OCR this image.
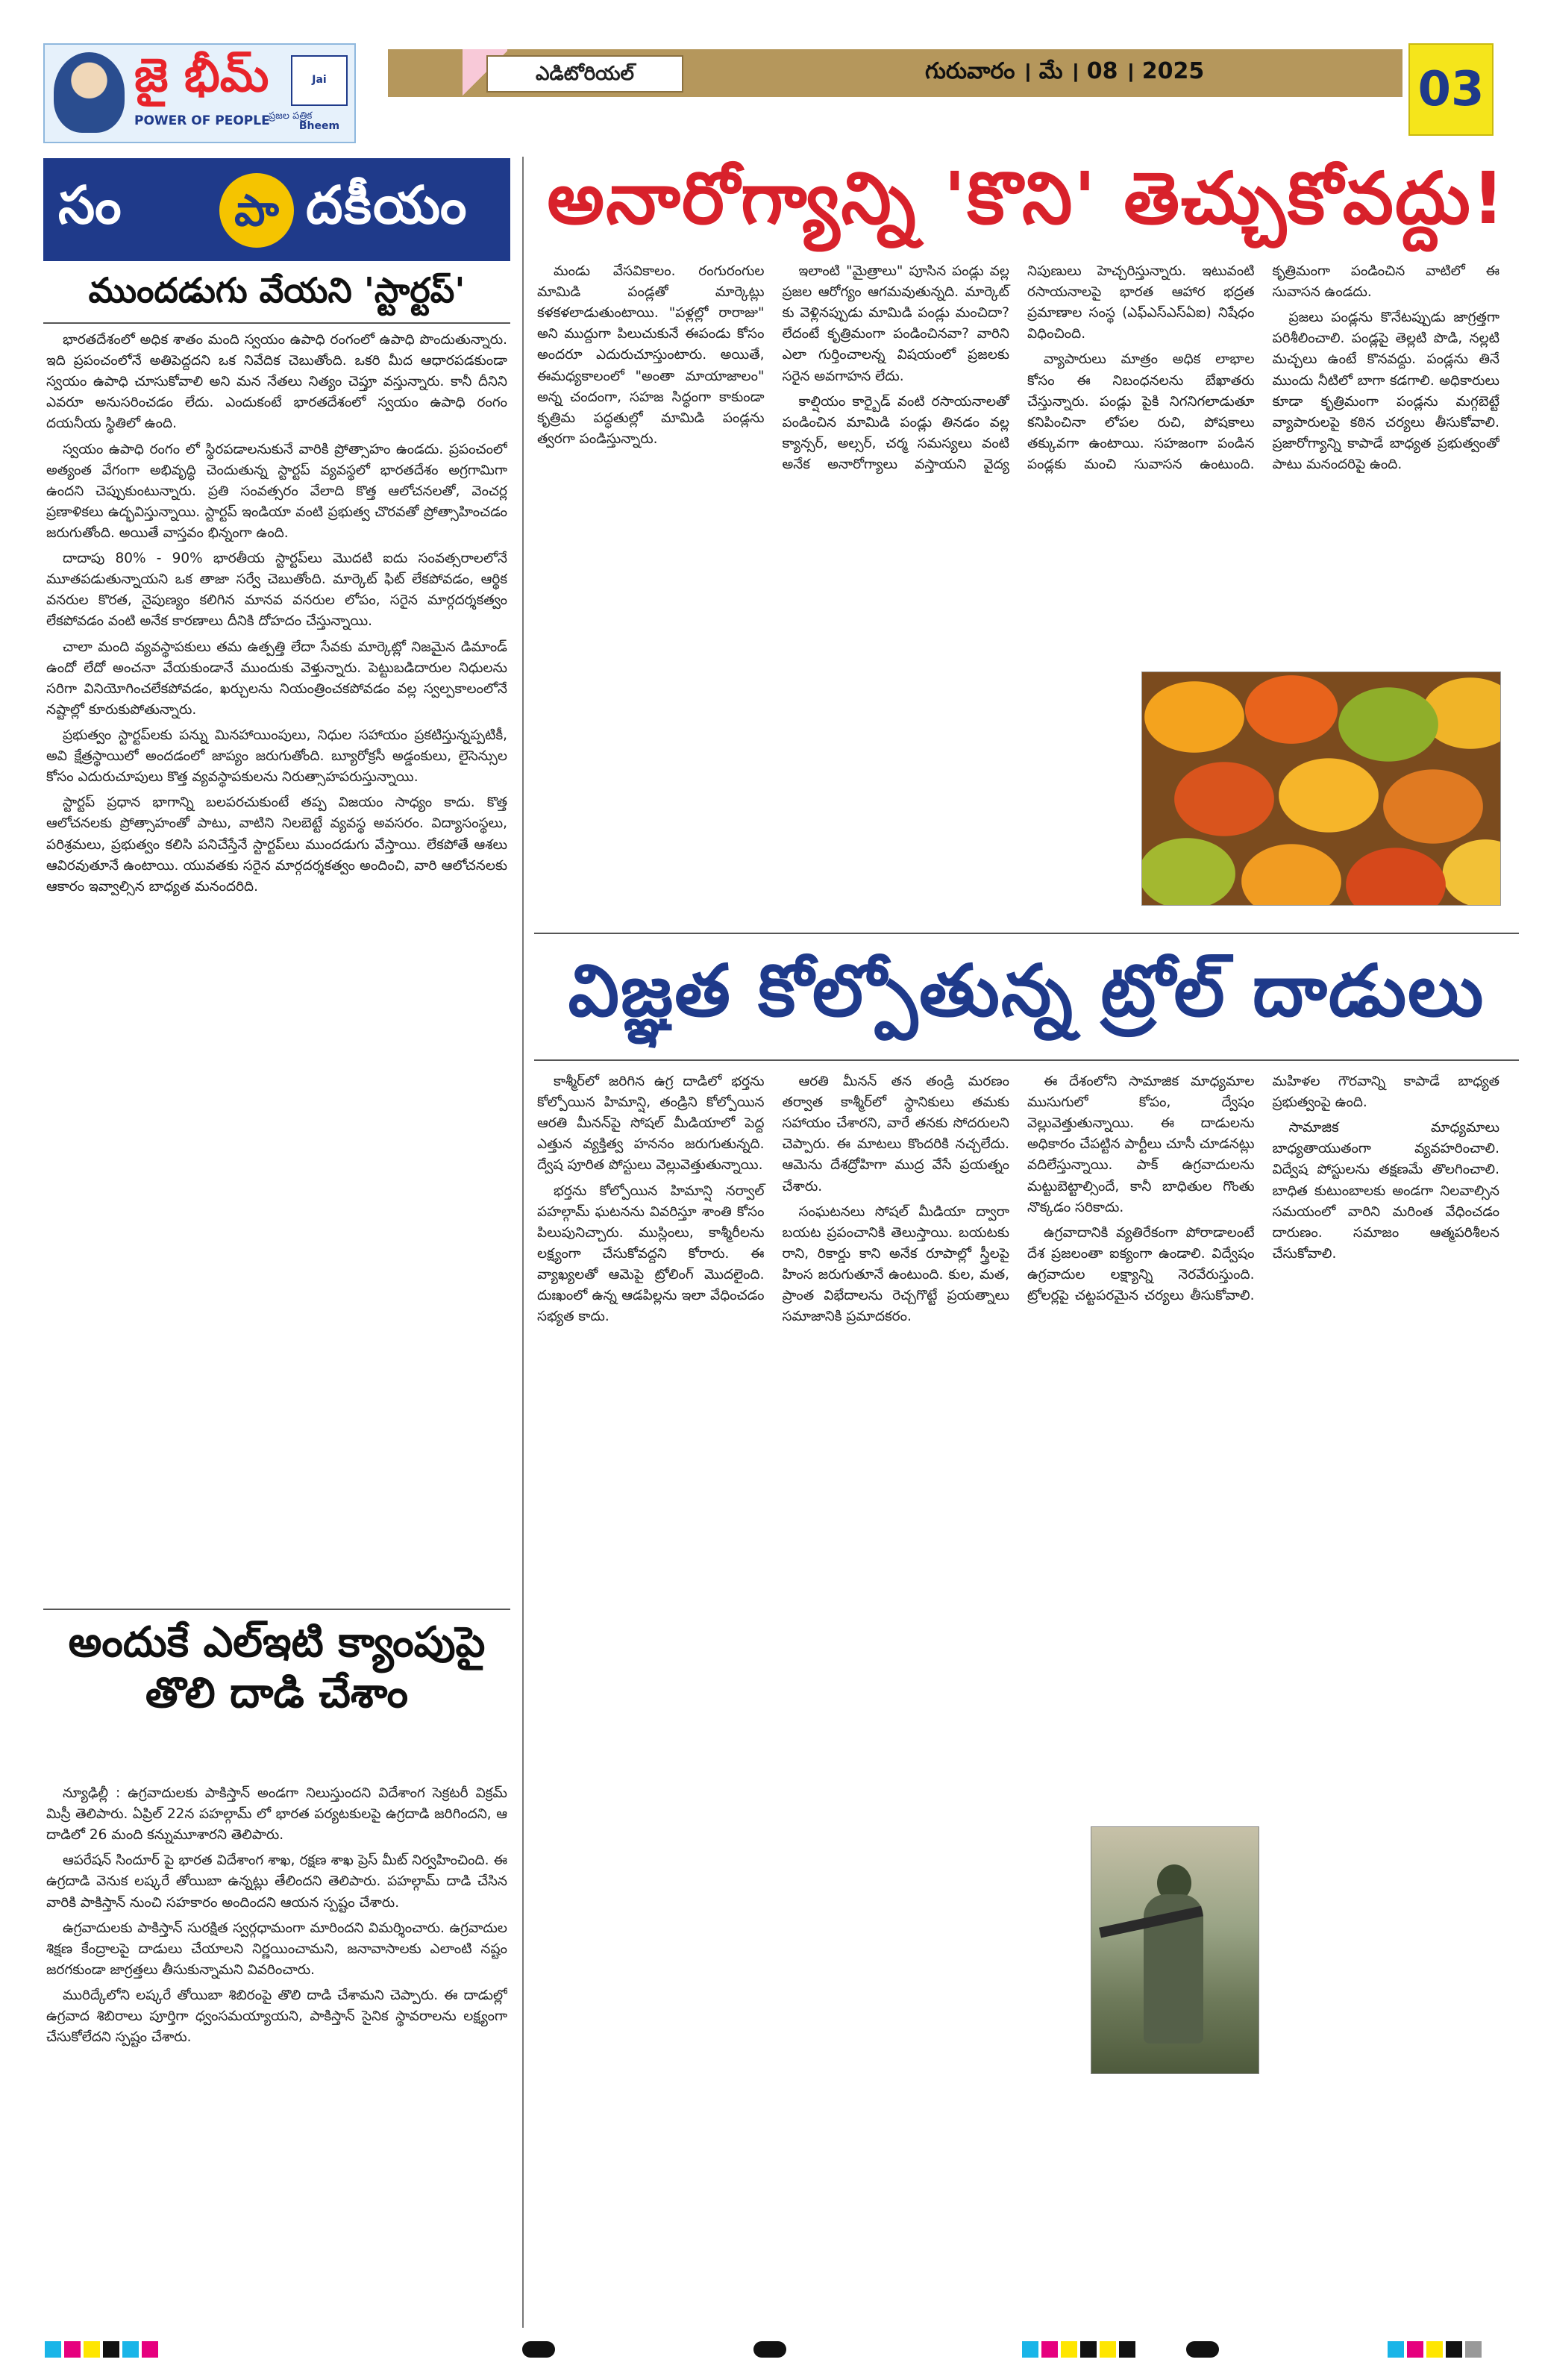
జై భీమ్
POWER OF PEOPLE
Jai Bheem
ప్రజల పత్రిక
ఎడిటోరియల్	గురువారం । మే । 08 । 2025	03
సం	పా దకీయం
ముందడుగు వేయని 'స్టార్టప్'

భారతదేశంలో అధిక శాతం మంది స్వయం ఉపాధి రంగంలో ఉపాధి పొందుతున్నారు. ఇది ప్రపంచంలోనే అతిపెద్దదని ఒక నివేదిక చెబుతోంది. ఒకరి మీద ఆధారపడకుండా స్వయం ఉపాధి చూసుకోవాలి అని మన నేతలు నిత్యం చెప్తూ వస్తున్నారు. కానీ దీనిని ఎవరూ అనుసరించడం లేదు. ఎందుకంటే భారతదేశంలో స్వయం ఉపాధి రంగం దయనీయ స్థితిలో ఉంది.

స్వయం ఉపాధి రంగం లో స్థిరపడాలనుకునే వారికి ప్రోత్సాహం ఉండదు. ప్రపంచంలో అత్యంత వేగంగా అభివృద్ధి చెందుతున్న స్టార్టప్ వ్యవస్థలో భారతదేశం అగ్రగామిగా ఉందని చెప్పుకుంటున్నారు. ప్రతి సంవత్సరం వేలాది కొత్త ఆలోచనలతో, వెంచర్ల ప్రణాళికలు ఉద్భవిస్తున్నాయి. స్టార్టప్ ఇండియా వంటి ప్రభుత్వ చొరవతో ప్రోత్సాహించడం జరుగుతోంది. అయితే వాస్తవం భిన్నంగా ఉంది.

దాదాపు 80% - 90% భారతీయ స్టార్టప్‌లు మొదటి ఐదు సంవత్సరాలలోనే మూతపడుతున్నాయని ఒక తాజా సర్వే చెబుతోంది. మార్కెట్ ఫిట్ లేకపోవడం, ఆర్థిక వనరుల కొరత, నైపుణ్యం కలిగిన మానవ వనరుల లోపం, సరైన మార్గదర్శకత్వం లేకపోవడం వంటి అనేక కారణాలు దీనికి దోహదం చేస్తున్నాయి.

చాలా మంది వ్యవస్థాపకులు తమ ఉత్పత్తి లేదా సేవకు మార్కెట్లో నిజమైన డిమాండ్ ఉందో లేదో అంచనా వేయకుండానే ముందుకు వెళ్తున్నారు. పెట్టుబడిదారుల నిధులను సరిగా వినియోగించలేకపోవడం, ఖర్చులను నియంత్రించకపోవడం వల్ల స్వల్పకాలంలోనే నష్టాల్లో కూరుకుపోతున్నారు.

ప్రభుత్వం స్టార్టప్‌లకు పన్ను మినహాయింపులు, నిధుల సహాయం ప్రకటిస్తున్నప్పటికీ, అవి క్షేత్రస్థాయిలో అందడంలో జాప్యం జరుగుతోంది. బ్యూరోక్రసీ అడ్డంకులు, లైసెన్సుల కోసం ఎదురుచూపులు కొత్త వ్యవస్థాపకులను నిరుత్సాహపరుస్తున్నాయి.

స్టార్టప్ ప్రధాన భాగాన్ని బలపరచుకుంటే తప్ప విజయం సాధ్యం కాదు. కొత్త ఆలోచనలకు ప్రోత్సాహంతో పాటు, వాటిని నిలబెట్టే వ్యవస్థ అవసరం. విద్యాసంస్థలు, పరిశ్రమలు, ప్రభుత్వం కలిసి పనిచేస్తేనే స్టార్టప్‌లు ముందడుగు వేస్తాయి. లేకపోతే ఆశలు ఆవిరవుతూనే ఉంటాయి. యువతకు సరైన మార్గదర్శకత్వం అందించి, వారి ఆలోచనలకు ఆకారం ఇవ్వాల్సిన బాధ్యత మనందరిది.

అందుకే ఎల్ఇటి క్యాంపుపై తొలి దాడి చేశాం

న్యూఢిల్లీ : ఉగ్రవాదులకు పాకిస్తాన్ అండగా నిలుస్తుందని విదేశాంగ సెక్రటరీ విక్రమ్ మిస్రీ తెలిపారు. ఏప్రిల్ 22న పహల్గామ్ లో భారత పర్యటకులపై ఉగ్రదాడి జరిగిందని, ఆ దాడిలో 26 మంది కన్నుమూశారని తెలిపారు.

ఆపరేషన్ సిందూర్ పై భారత విదేశాంగ శాఖ, రక్షణ శాఖ ప్రెస్ మీట్ నిర్వహించింది. ఈ ఉగ్రదాడి వెనుక లష్కరే తోయిబా ఉన్నట్లు తేలిందని తెలిపారు. పహల్గామ్ దాడి చేసిన వారికి పాకిస్తాన్ నుంచి సహకారం అందిందని ఆయన స్పష్టం చేశారు.

ఉగ్రవాదులకు పాకిస్తాన్ సురక్షిత స్వర్గధామంగా మారిందని విమర్శించారు. ఉగ్రవాదుల శిక్షణ కేంద్రాలపై దాడులు చేయాలని నిర్ణయించామని, జనావాసాలకు ఎలాంటి నష్టం జరగకుండా జాగ్రత్తలు తీసుకున్నామని వివరించారు.

మురిద్కేలోని లష్కరే తోయిబా శిబిరంపై తొలి దాడి చేశామని చెప్పారు. ఈ దాడుల్లో ఉగ్రవాద శిబిరాలు పూర్తిగా ధ్వంసమయ్యాయని, పాకిస్తాన్ సైనిక స్థావరాలను లక్ష్యంగా చేసుకోలేదని స్పష్టం చేశారు.

అనారోగ్యాన్ని 'కొని' తెచ్చుకోవద్దు!

మండు వేసవికాలం. రంగురంగుల మామిడి పండ్లతో మార్కెట్లు కళకళలాడుతుంటాయి. "పళ్లల్లో రారాజు" అని ముద్దుగా పిలుచుకునే ఈపండు కోసం అందరూ ఎదురుచూస్తుంటారు. అయితే, ఈమధ్యకాలంలో "అంతా మాయాజాలం" అన్న చందంగా, సహజ సిద్ధంగా కాకుండా కృత్రిమ పద్ధతుల్లో మామిడి పండ్లను త్వరగా పండిస్తున్నారు.

ఇలాంటి "మైత్రాలు" పూసిన పండ్లు వల్ల ప్రజల ఆరోగ్యం ఆగమవుతున్నది. మార్కెట్ కు వెళ్లినప్పుడు మామిడి పండ్లు మంచిదా? లేదంటే కృత్రిమంగా పండించినవా? వారిని ఎలా గుర్తించాలన్న విషయంలో ప్రజలకు సరైన అవగాహన లేదు.

కాల్షియం కార్బైడ్ వంటి రసాయనాలతో పండించిన మామిడి పండ్లు తినడం వల్ల క్యాన్సర్, అల్సర్, చర్మ సమస్యలు వంటి అనేక అనారోగ్యాలు వస్తాయని వైద్య నిపుణులు హెచ్చరిస్తున్నారు. ఇటువంటి రసాయనాలపై భారత ఆహార భద్రత ప్రమాణాల సంస్థ (ఎఫ్ఎస్ఎస్ఏఐ) నిషేధం విధించింది.

వ్యాపారులు మాత్రం అధిక లాభాల కోసం ఈ నిబంధనలను బేఖాతరు చేస్తున్నారు. పండ్లు పైకి నిగనిగలాడుతూ కనిపించినా లోపల రుచి, పోషకాలు తక్కువగా ఉంటాయి. సహజంగా పండిన పండ్లకు మంచి సువాసన ఉంటుంది. కృత్రిమంగా పండించిన వాటిలో ఈ సువాసన ఉండదు.

ప్రజలు పండ్లను కొనేటప్పుడు జాగ్రత్తగా పరిశీలించాలి. పండ్లపై తెల్లటి పొడి, నల్లటి మచ్చలు ఉంటే కొనవద్దు. పండ్లను తినే ముందు నీటిలో బాగా కడగాలి. అధికారులు కూడా కృత్రిమంగా పండ్లను మగ్గబెట్టే వ్యాపారులపై కఠిన చర్యలు తీసుకోవాలి. ప్రజారోగ్యాన్ని కాపాడే బాధ్యత ప్రభుత్వంతో పాటు మనందరిపై ఉంది.

విజ్ఞత కోల్పోతున్న ట్రోల్ దాడులు

కాశ్మీర్‌లో జరిగిన ఉగ్ర దాడిలో భర్తను కోల్పోయిన హిమాన్షి, తండ్రిని కోల్పోయిన ఆరతి మీనన్‌పై సోషల్ మీడియాలో పెద్ద ఎత్తున వ్యక్తిత్వ హననం జరుగుతున్నది. ద్వేష పూరిత పోస్టులు వెల్లువెత్తుతున్నాయి.

భర్తను కోల్పోయిన హిమాన్షి నర్వాల్ పహల్గామ్ ఘటనను వివరిస్తూ శాంతి కోసం పిలుపునిచ్చారు. ముస్లింలు, కాశ్మీరీలను లక్ష్యంగా చేసుకోవద్దని కోరారు. ఈ వ్యాఖ్యలతో ఆమెపై ట్రోలింగ్ మొదలైంది. దుఃఖంలో ఉన్న ఆడపిల్లను ఇలా వేధించడం సభ్యత కాదు.

ఆరతి మీనన్ తన తండ్రి మరణం తర్వాత కాశ్మీర్‌లో స్థానికులు తమకు సహాయం చేశారని, వారే తనకు సోదరులని చెప్పారు. ఈ మాటలు కొందరికి నచ్చలేదు. ఆమెను దేశద్రోహిగా ముద్ర వేసే ప్రయత్నం చేశారు.

సంఘటనలు సోషల్ మీడియా ద్వారా బయట ప్రపంచానికి తెలుస్తాయి. బయటకు రాని, రికార్డు కాని అనేక రూపాల్లో స్త్రీలపై హింస జరుగుతూనే ఉంటుంది. కుల, మత, ప్రాంత విభేదాలను రెచ్చగొట్టే ప్రయత్నాలు సమాజానికి ప్రమాదకరం.

ఈ దేశంలోని సామాజిక మాధ్యమాల ముసుగులో కోపం, ద్వేషం వెల్లువెత్తుతున్నాయి. ఈ దాడులను అధికారం చేపట్టిన పార్టీలు చూసీ చూడనట్లు వదిలేస్తున్నాయి. పాక్ ఉగ్రవాదులను మట్టుబెట్టాల్సిందే, కానీ బాధితుల గొంతు నొక్కడం సరికాదు.

ఉగ్రవాదానికి వ్యతిరేకంగా పోరాడాలంటే దేశ ప్రజలంతా ఐక్యంగా ఉండాలి. విద్వేషం ఉగ్రవాదుల లక్ష్యాన్ని నెరవేరుస్తుంది. ట్రోలర్లపై చట్టపరమైన చర్యలు తీసుకోవాలి. మహిళల గౌరవాన్ని కాపాడే బాధ్యత ప్రభుత్వంపై ఉంది.

సామాజిక మాధ్యమాలు బాధ్యతాయుతంగా వ్యవహరించాలి. విద్వేష పోస్టులను తక్షణమే తొలగించాలి. బాధిత కుటుంబాలకు అండగా నిలవాల్సిన సమయంలో వారిని మరింత వేధించడం దారుణం. సమాజం ఆత్మపరిశీలన చేసుకోవాలి.
